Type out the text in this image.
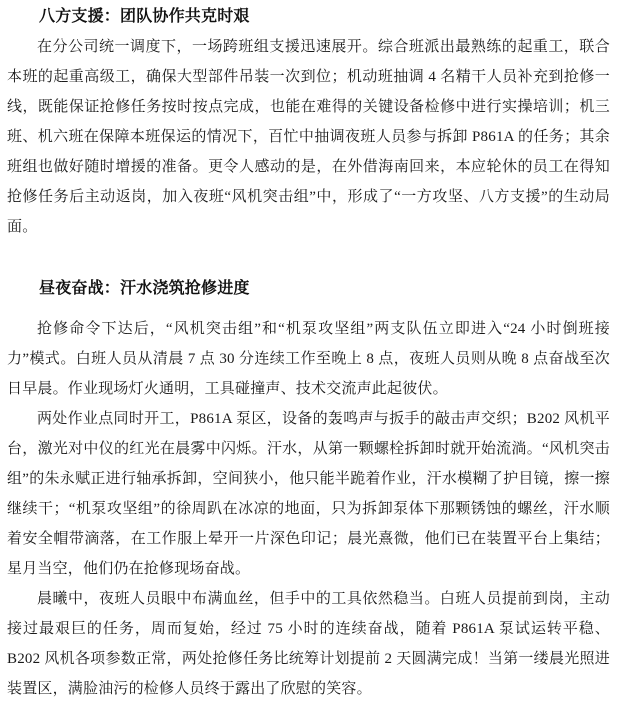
八方支援：团队协作共克时艰

在分公司统一调度下，一场跨班组支援迅速展开。综合班派出最熟练的起重工，联合本班的起重高级工，确保大型部件吊装一次到位；机动班抽调 4 名精干人员补充到抢修一线，既能保证抢修任务按时按点完成，也能在难得的关键设备检修中进行实操培训；机三班、机六班在保障本班保运的情况下，百忙中抽调夜班人员参与拆卸 P861A 的任务；其余班组也做好随时增援的准备。更令人感动的是，在外借海南回来，本应轮休的员工在得知抢修任务后主动返岗，加入夜班“风机突击组”中，形成了“一方攻坚、八方支援”的生动局面。

昼夜奋战：汗水浇筑抢修进度

抢修命令下达后，“风机突击组”和“机泵攻坚组”两支队伍立即进入“24 小时倒班接力”模式。白班人员从清晨 7 点 30 分连续工作至晚上 8 点，夜班人员则从晚 8 点奋战至次日早晨。作业现场灯火通明，工具碰撞声、技术交流声此起彼伏。

两处作业点同时开工，P861A 泵区，设备的轰鸣声与扳手的敲击声交织；B202 风机平台，激光对中仪的红光在晨雾中闪烁。汗水，从第一颗螺栓拆卸时就开始流淌。“风机突击组”的朱永赋正进行轴承拆卸，空间狭小，他只能半跪着作业，汗水模糊了护目镜，擦一擦继续干；“机泵攻坚组”的徐周趴在冰凉的地面，只为拆卸泵体下那颗锈蚀的螺丝，汗水顺着安全帽带滴落，在工作服上晕开一片深色印记；晨光熹微，他们已在装置平台上集结；星月当空，他们仍在抢修现场奋战。

晨曦中，夜班人员眼中布满血丝，但手中的工具依然稳当。白班人员提前到岗，主动接过最艰巨的任务，周而复始，经过 75 小时的连续奋战，随着 P861A 泵试运转平稳、B202 风机各项参数正常，两处抢修任务比统筹计划提前 2 天圆满完成！当第一缕晨光照进装置区，满脸油污的检修人员终于露出了欣慰的笑容。
